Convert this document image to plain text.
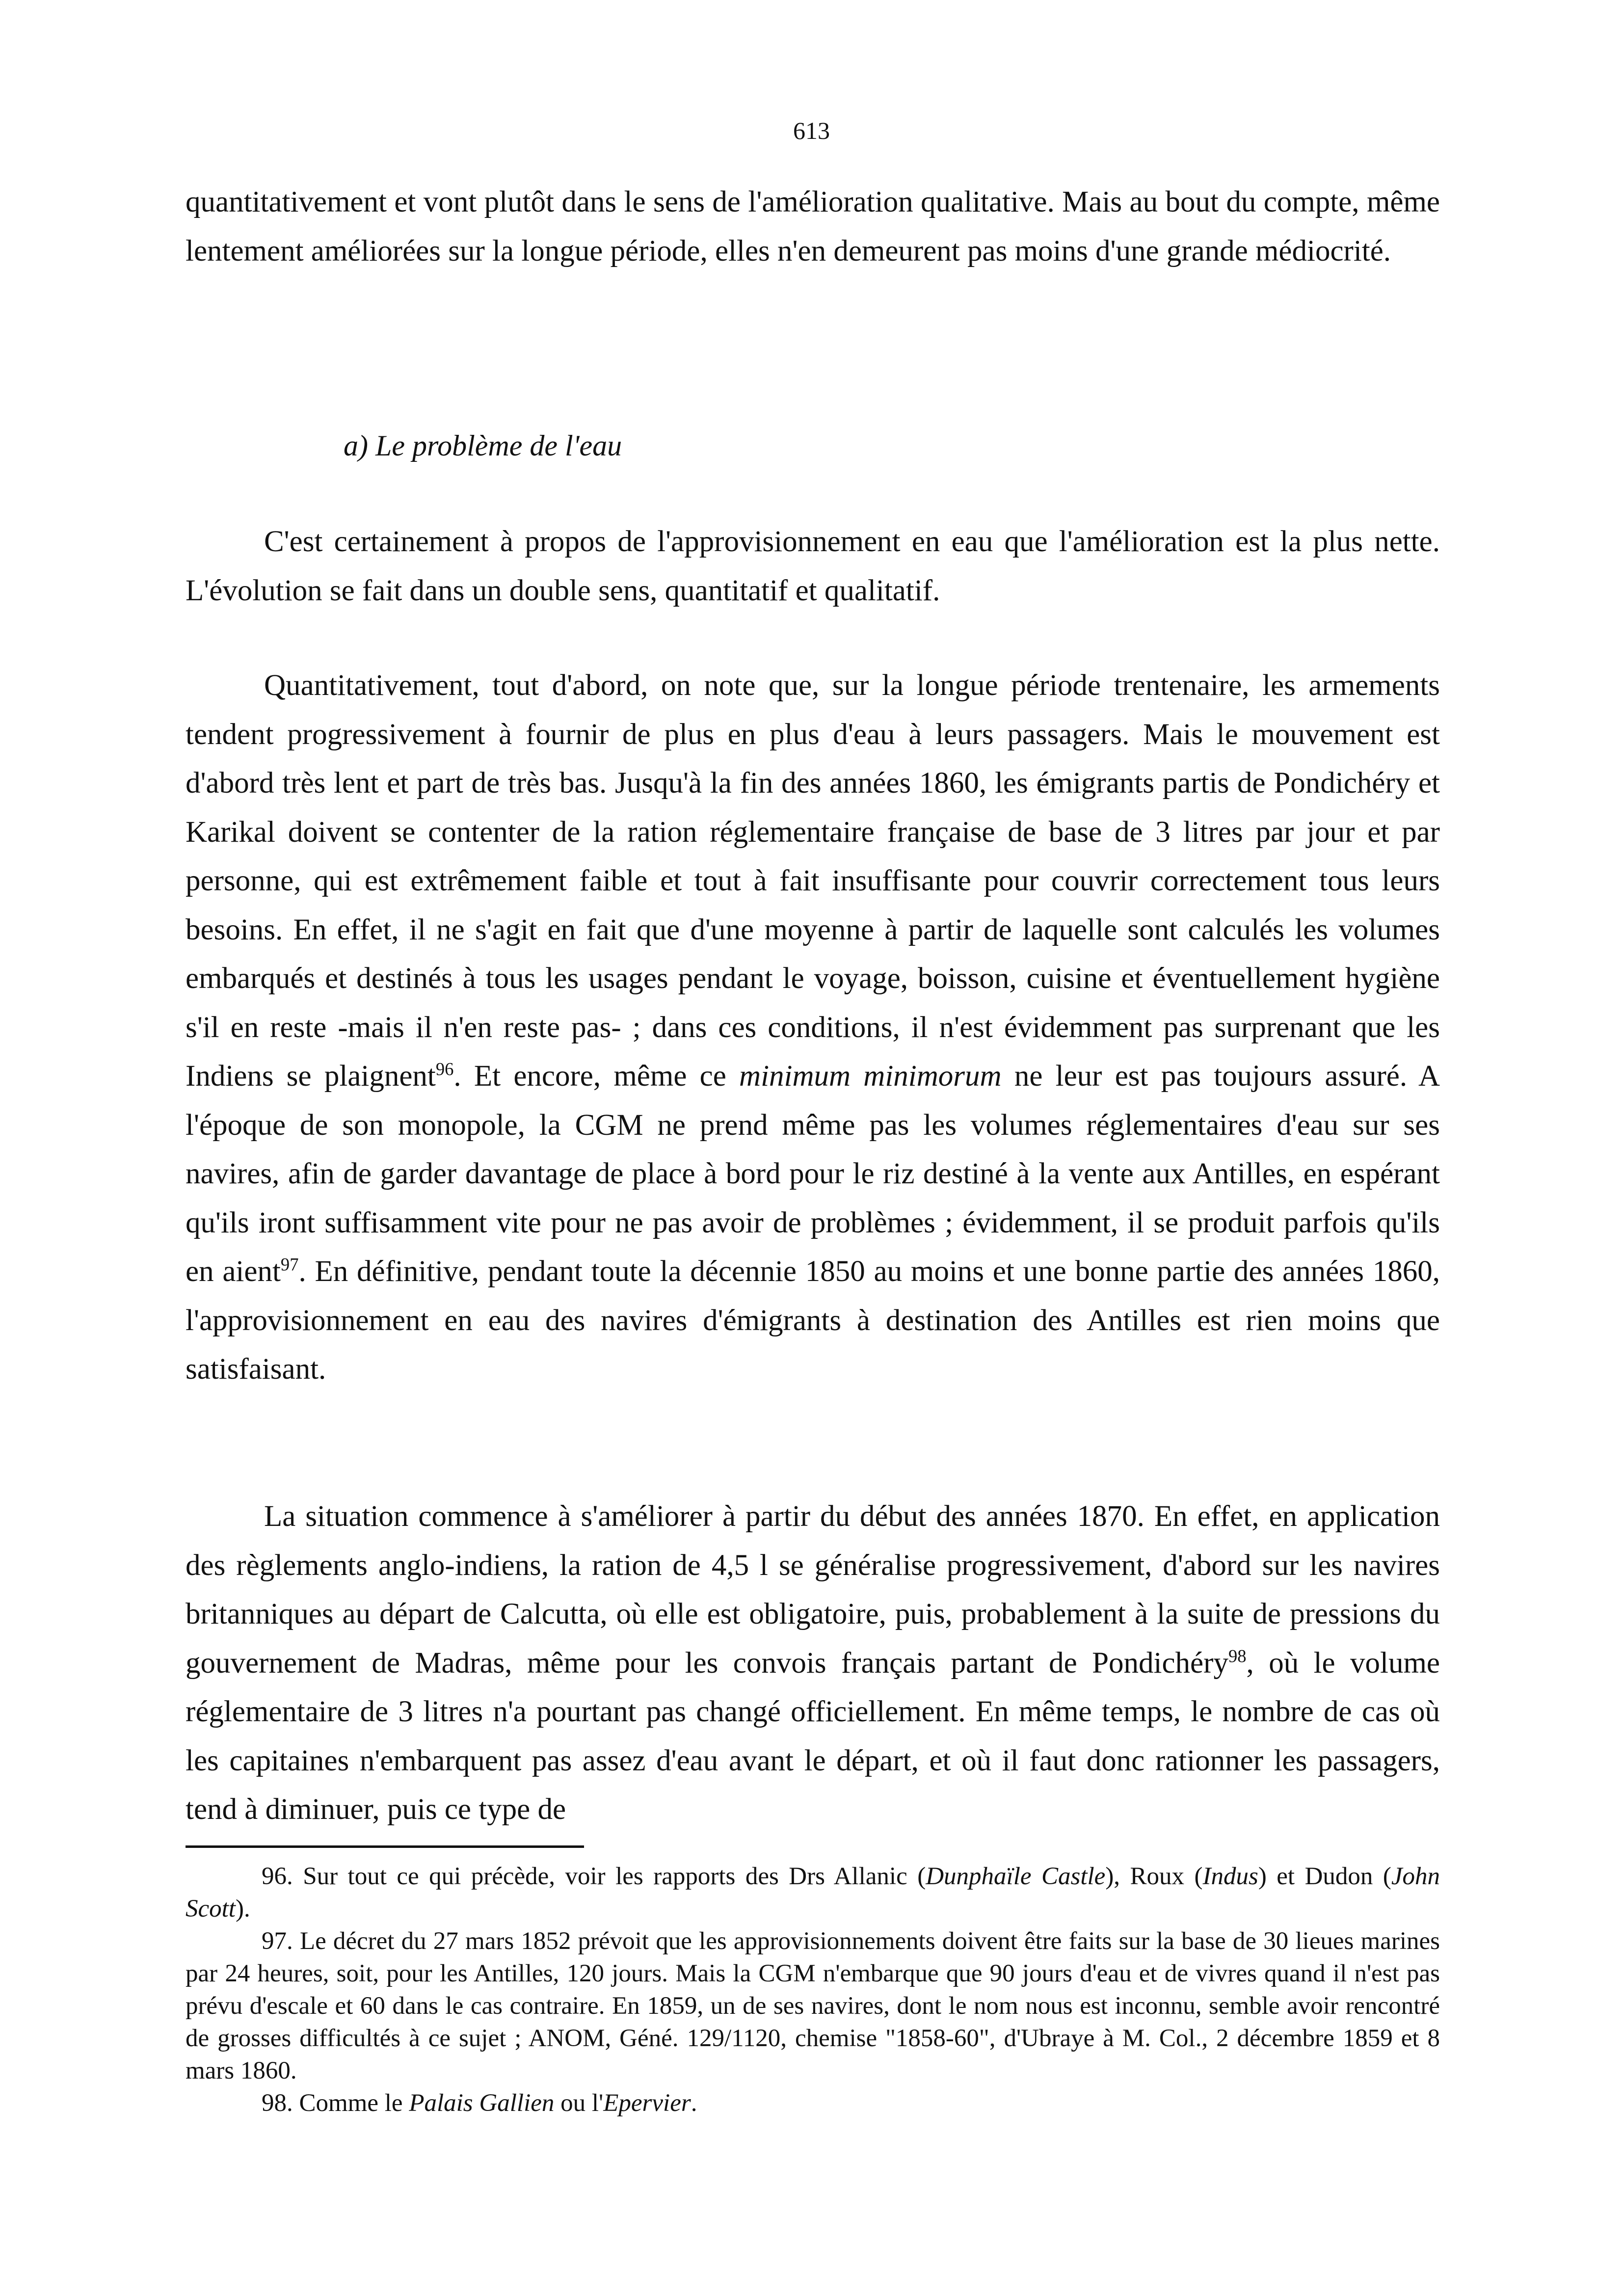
613

quantitativement et vont plutôt dans le sens de l'amélioration qualitative. Mais au bout du compte, même lentement améliorées sur la longue période, elles n'en demeurent pas moins d'une grande médiocrité.

a) Le problème de l'eau

C'est certainement à propos de l'approvisionnement en eau que l'amélioration est la plus nette. L'évolution se fait dans un double sens, quantitatif et qualitatif.

Quantitativement, tout d'abord, on note que, sur la longue période trentenaire, les armements tendent progressivement à fournir de plus en plus d'eau à leurs passagers. Mais le mouvement est d'abord très lent et part de très bas. Jusqu'à la fin des années 1860, les émigrants partis de Pondichéry et Karikal doivent se contenter de la ration réglementaire française de base de 3 litres par jour et par personne, qui est extrêmement faible et tout à fait insuffisante pour couvrir correctement tous leurs besoins. En effet, il ne s'agit en fait que d'une moyenne à partir de laquelle sont calculés les volumes embarqués et destinés à tous les usages pendant le voyage, boisson, cuisine et éventuellement hygiène s'il en reste -mais il n'en reste pas- ; dans ces conditions, il n'est évidemment pas surprenant que les Indiens se plaignent$^{96}$. Et encore, même ce minimum minimorum ne leur est pas toujours assuré. A l'époque de son monopole, la CGM ne prend même pas les volumes réglementaires d'eau sur ses navires, afin de garder davantage de place à bord pour le riz destiné à la vente aux Antilles, en espérant qu'ils iront suffisamment vite pour ne pas avoir de problèmes ; évidemment, il se produit parfois qu'ils en aient$^{97}$. En définitive, pendant toute la décennie 1850 au moins et une bonne partie des années 1860, l'approvisionnement en eau des navires d'émigrants à destination des Antilles est rien moins que satisfaisant.

La situation commence à s'améliorer à partir du début des années 1870. En effet, en application des règlements anglo-indiens, la ration de 4,5 l se généralise progressivement, d'abord sur les navires britanniques au départ de Calcutta, où elle est obligatoire, puis, probablement à la suite de pressions du gouvernement de Madras, même pour les convois français partant de Pondichéry$^{98}$, où le volume réglementaire de 3 litres n'a pourtant pas changé officiellement. En même temps, le nombre de cas où les capitaines n'embarquent pas assez d'eau avant le départ, et où il faut donc rationner les passagers, tend à diminuer, puis ce type de

96. Sur tout ce qui précède, voir les rapports des Drs Allanic (Dunphaïle Castle), Roux (Indus) et Dudon (John Scott).

97. Le décret du 27 mars 1852 prévoit que les approvisionnements doivent être faits sur la base de 30 lieues marines par 24 heures, soit, pour les Antilles, 120 jours. Mais la CGM n'embarque que 90 jours d'eau et de vivres quand il n'est pas prévu d'escale et 60 dans le cas contraire. En 1859, un de ses navires, dont le nom nous est inconnu, semble avoir rencontré de grosses difficultés à ce sujet ; ANOM, Géné. 129/1120, chemise "1858-60", d'Ubraye à M. Col., 2 décembre 1859 et 8 mars 1860.

98. Comme le Palais Gallien ou l'Epervier.
